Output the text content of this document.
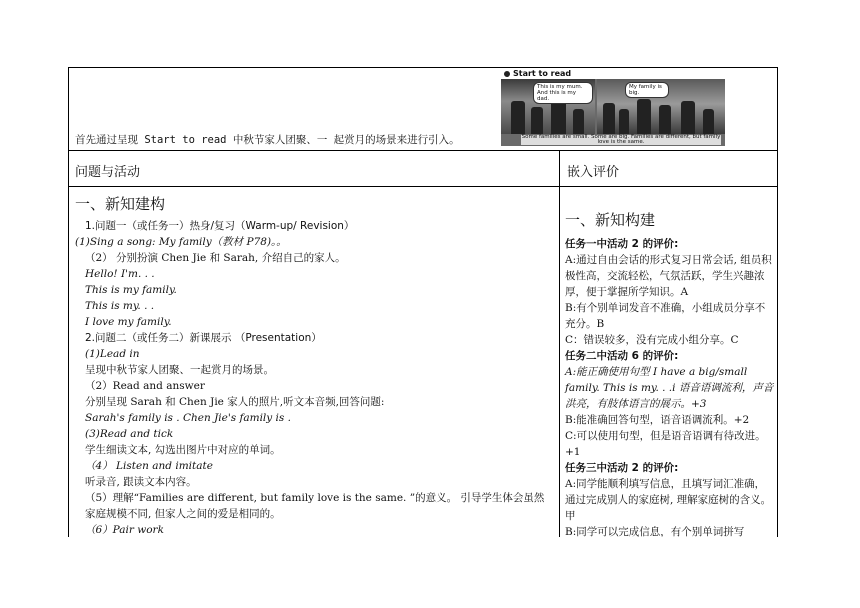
Start to read
This is my mum. And this is my dad.
My family is big.
Some families are small. Some are big. Families are different, but family love is the same.
首先通过呈现 Start to read 中秋节家人团聚、一 起赏月的场景来进行引入。
问题与活动	嵌入评价
一、新知建构
1.问题一（或任务一）热身/复习（Warm-up/ Revision）
(1)Sing a song: My family（教材 P78)。。
（2） 分别扮演 Chen Jie 和 Sarah, 介绍自己的家人。
Hello! I'm. . .
This is my family.
This is my. . .
I love my family.
2.问题二（或任务二）新课展示 （Presentation）
(1)Lead in
呈现中秋节家人团聚、一起赏月的场景。
（2）Read and answer
分别呈现 Sarah 和 Chen Jie 家人的照片,听文本音频,回答问题:
Sarah's family is . Chen Jie's family is .
(3)Read and tick
学生细读文本, 勾选出图片中对应的单词。
（4） Listen and imitate
听录音, 跟读文本内容。
（5）理解“Families are different, but family love is the same. ”的意义。 引导学生体会虽然家庭规模不同, 但家人之间的爱是相同的。
（6）Pair work
一、新知构建
任务一中活动 2 的评价:
A:通过自由会话的形式复习日常会话, 组员积极性高，交流轻松，气氛活跃，学生兴趣浓厚，便于掌握所学知识。A
B:有个别单词发音不准确，小组成员分享不充分。B
C：错误较多，没有完成小组分享。C
任务二中活动 6 的评价:
A:能正确使用句型 I have a big/small family. This is my. . .i 语音语调流利，声音洪亮，有肢体语言的展示。+3
B:能准确回答句型，语音语调流利。+2
C:可以使用句型，但是语音语调有待改进。+1
任务三中活动 2 的评价:
A:同学能顺利填写信息，且填写词汇准确，通过完成别人的家庭树, 理解家庭树的含义。甲
B:同学可以完成信息，有个别单词拼写
